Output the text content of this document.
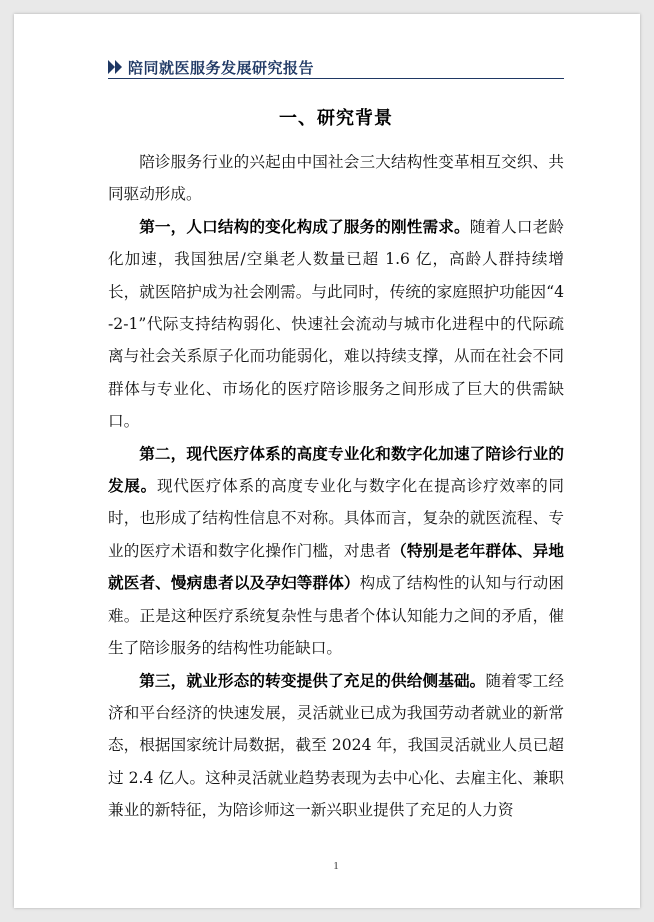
陪同就医服务发展研究报告
一、研究背景

陪诊服务行业的兴起由中国社会三大结构性变革相互交织、共同驱动形成。

第一，人口结构的变化构成了服务的刚性需求。随着人口老龄化加速，我国独居/空巢老人数量已超 1.6 亿，高龄人群持续增长，就医陪护成为社会刚需。与此同时，传统的家庭照护功能因“4-2-1”代际支持结构弱化、快速社会流动与城市化进程中的代际疏离与社会关系原子化而功能弱化，难以持续支撑，从而在社会不同群体与专业化、市场化的医疗陪诊服务之间形成了巨大的供需缺口。

第二，现代医疗体系的高度专业化和数字化加速了陪诊行业的发展。现代医疗体系的高度专业化与数字化在提高诊疗效率的同时，也形成了结构性信息不对称。具体而言，复杂的就医流程、专业的医疗术语和数字化操作门槛，对患者（特别是老年群体、异地就医者、慢病患者以及孕妇等群体）构成了结构性的认知与行动困难。正是这种医疗系统复杂性与患者个体认知能力之间的矛盾，催生了陪诊服务的结构性功能缺口。

第三，就业形态的转变提供了充足的供给侧基础。随着零工经济和平台经济的快速发展，灵活就业已成为我国劳动者就业的新常态，根据国家统计局数据，截至 2024 年，我国灵活就业人员已超过 2.4 亿人。这种灵活就业趋势表现为去中心化、去雇主化、兼职兼业的新特征，为陪诊师这一新兴职业提供了充足的人力资

1
